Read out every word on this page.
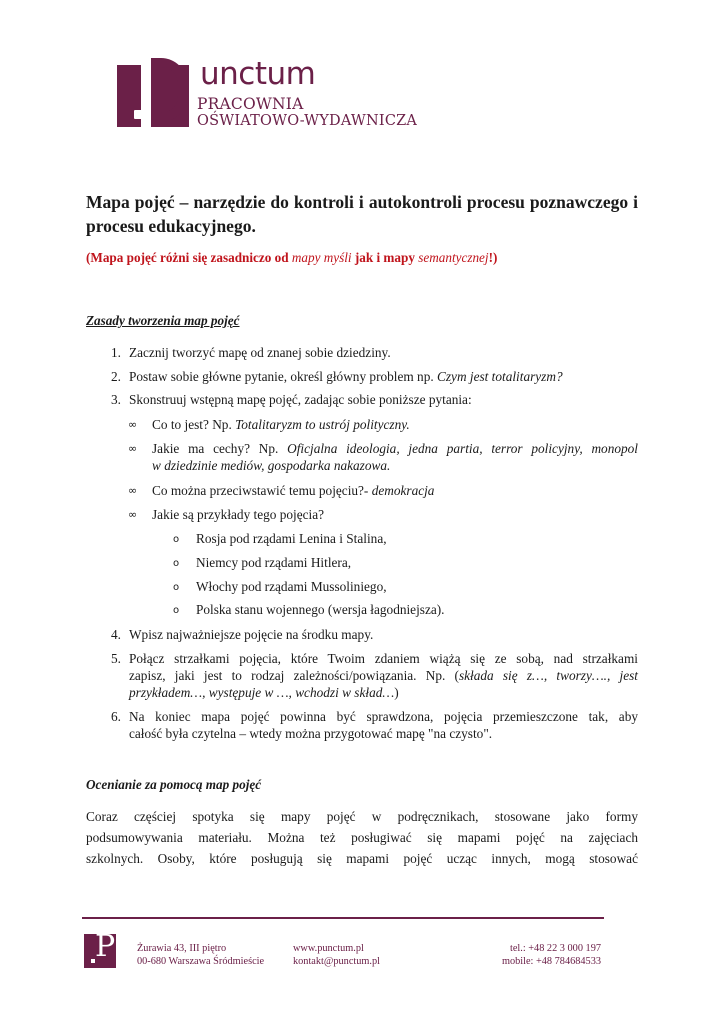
unctum
PRACOWNIA
OŚWIATOWO-WYDAWNICZA
Mapa pojęć – narzędzie do kontroli i autokontroli procesu poznawczego i procesu edukacyjnego.
(Mapa pojęć różni się zasadniczo od mapy myśli jak i mapy semantycznej!)
Zasady tworzenia map pojęć
1. Zacznij tworzyć mapę od znanej sobie dziedziny.
2. Postaw sobie główne pytanie, określ główny problem np. Czym jest totalitaryzm?
3. Skonstruuj wstępną mapę pojęć, zadając sobie poniższe pytania:
∞ Co to jest? Np. Totalitaryzm to ustrój polityczny.
∞ Jakie ma cechy? Np. Oficjalna ideologia, jedna partia, terror policyjny, monopol
w dziedzinie mediów, gospodarka nakazowa.
∞ Co można przeciwstawić temu pojęciu?- demokracja
∞ Jakie są przykłady tego pojęcia?
o Rosja pod rządami Lenina i Stalina,
o Niemcy pod rządami Hitlera,
o Włochy pod rządami Mussoliniego,
o Polska stanu wojennego (wersja łagodniejsza).
4. Wpisz najważniejsze pojęcie na środku mapy.
5. Połącz strzałkami pojęcia, które Twoim zdaniem wiążą się ze sobą, nad strzałkami
zapisz, jaki jest to rodzaj zależności/powiązania. Np. (składa się z…, tworzy…., jest
przykładem…, występuje w …, wchodzi w skład…)
6. Na koniec mapa pojęć powinna być sprawdzona, pojęcia przemieszczone tak, aby
całość była czytelna – wtedy można przygotować mapę "na czysto".
Ocenianie za pomocą map pojęć
Coraz częściej spotyka się mapy pojęć w podręcznikach, stosowane jako formy
podsumowywania materiału. Można też posługiwać się mapami pojęć na zajęciach
szkolnych. Osoby, które posługują się mapami pojęć ucząc innych, mogą stosować
P Żurawia 43, III piętro
00-680 Warszawa Śródmieście
www.punctum.pl
kontakt@punctum.pl
tel.: +48 22 3 000 197
mobile: +48 784684533
